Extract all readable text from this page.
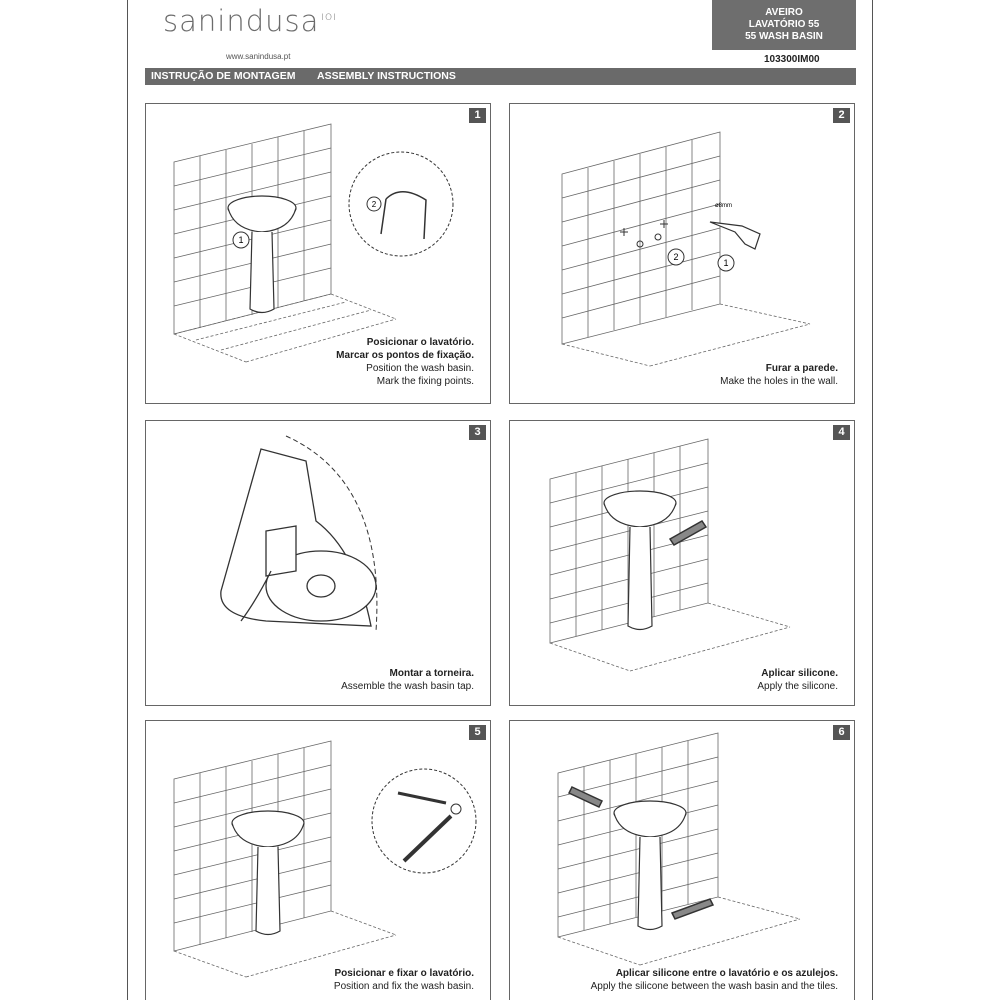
sanindusa $^{IOI}$
www.sanindusa.pt
AVEIRO
LAVATÓRIO 55
55 WASH BASIN
103300IM00
INSTRUÇÃO DE MONTAGEM ASSEMBLY INSTRUCTIONS
1
2
1
Posicionar o lavatório.
Marcar os pontos de fixação.
Position the wash basin.
Mark the fixing points.
ø8mm
2
1
2
Furar a parede.
Make the holes in the wall.
3
Montar a torneira.
Assemble the wash basin tap.
4
Aplicar silicone.
Apply the silicone.
5
Posicionar e fixar o lavatório.
Position and fix the wash basin.
6
Aplicar silicone entre o lavatório e os azulejos.
Apply the silicone between the wash basin and the tiles.
